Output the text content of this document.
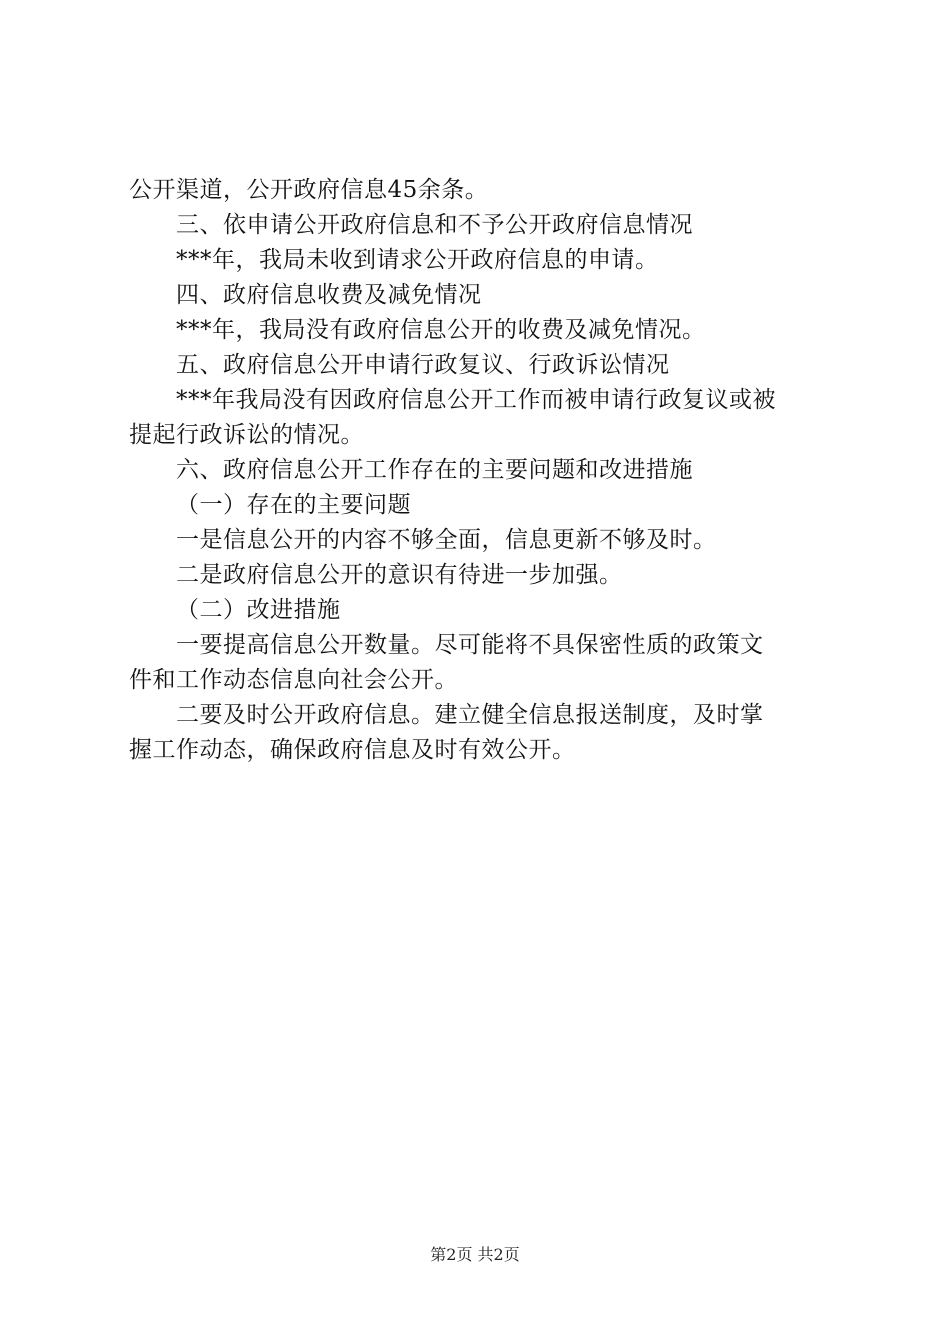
公开渠道，公开政府信息45余条。
三、依申请公开政府信息和不予公开政府信息情况
***年，我局未收到请求公开政府信息的申请。
四、政府信息收费及减免情况
***年，我局没有政府信息公开的收费及减免情况。
五、政府信息公开申请行政复议、行政诉讼情况
***年我局没有因政府信息公开工作而被申请行政复议或被
提起行政诉讼的情况。
六、政府信息公开工作存在的主要问题和改进措施
（一）存在的主要问题
一是信息公开的内容不够全面，信息更新不够及时。
二是政府信息公开的意识有待进一步加强。
（二）改进措施
一要提高信息公开数量。尽可能将不具保密性质的政策文
件和工作动态信息向社会公开。
二要及时公开政府信息。建立健全信息报送制度，及时掌
握工作动态，确保政府信息及时有效公开。
第2页 共2页
